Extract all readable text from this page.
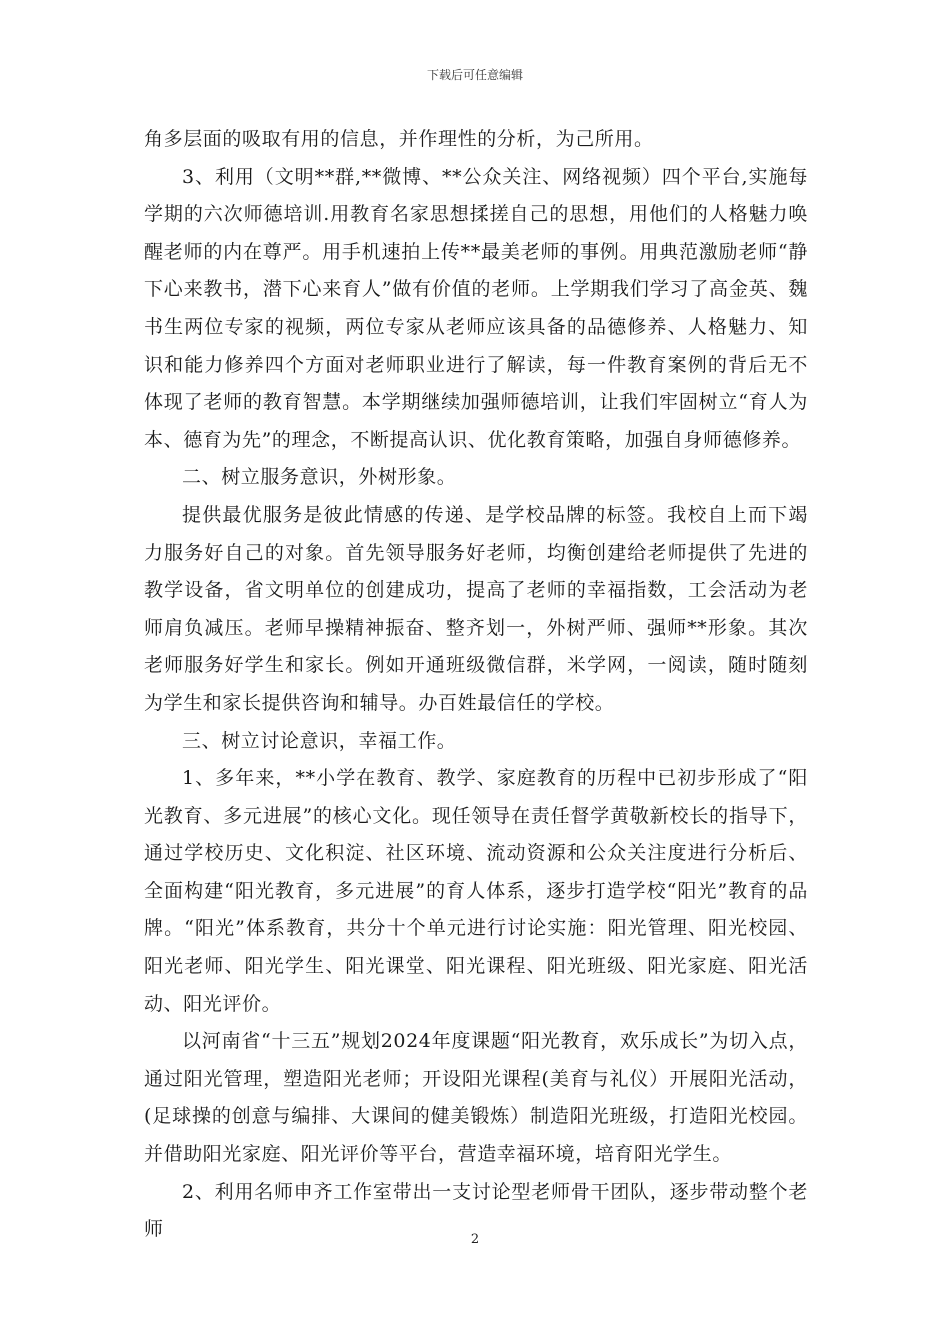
下载后可任意编辑

角多层面的吸取有用的信息，并作理性的分析，为己所用。

3、利用（文明**群,**微博、**公众关注、网络视频）四个平台,实施每学期的六次师德培训.用教育名家思想揉搓自己的思想，用他们的人格魅力唤醒老师的内在尊严。用手机速拍上传**最美老师的事例。用典范激励老师“静下心来教书，潜下心来育人”做有价值的老师。上学期我们学习了高金英、魏书生两位专家的视频，两位专家从老师应该具备的品德修养、人格魅力、知识和能力修养四个方面对老师职业进行了解读，每一件教育案例的背后无不体现了老师的教育智慧。本学期继续加强师德培训，让我们牢固树立“育人为本、德育为先”的理念，不断提高认识、优化教育策略，加强自身师德修养。

二、树立服务意识，外树形象。

提供最优服务是彼此情感的传递、是学校品牌的标签。我校自上而下竭力服务好自己的对象。首先领导服务好老师，均衡创建给老师提供了先进的教学设备，省文明单位的创建成功，提高了老师的幸福指数，工会活动为老师肩负减压。老师早操精神振奋、整齐划一，外树严师、强师**形象。其次老师服务好学生和家长。例如开通班级微信群，米学网，一阅读，随时随刻为学生和家长提供咨询和辅导。办百姓最信任的学校。

三、树立讨论意识，幸福工作。

1、多年来，**小学在教育、教学、家庭教育的历程中已初步形成了“阳光教育、多元进展”的核心文化。现任领导在责任督学黄敬新校长的指导下，通过学校历史、文化积淀、社区环境、流动资源和公众关注度进行分析后、全面构建“阳光教育，多元进展”的育人体系，逐步打造学校“阳光”教育的品牌。“阳光”体系教育，共分十个单元进行讨论实施：阳光管理、阳光校园、阳光老师、阳光学生、阳光课堂、阳光课程、阳光班级、阳光家庭、阳光活动、阳光评价。

以河南省“十三五”规划2024年度课题“阳光教育，欢乐成长”为切入点，通过阳光管理，塑造阳光老师；开设阳光课程(美育与礼仪）开展阳光活动，(足球操的创意与编排、大课间的健美锻炼）制造阳光班级，打造阳光校园。并借助阳光家庭、阳光评价等平台，营造幸福环境，培育阳光学生。

2、利用名师申齐工作室带出一支讨论型老师骨干团队，逐步带动整个老师	2
